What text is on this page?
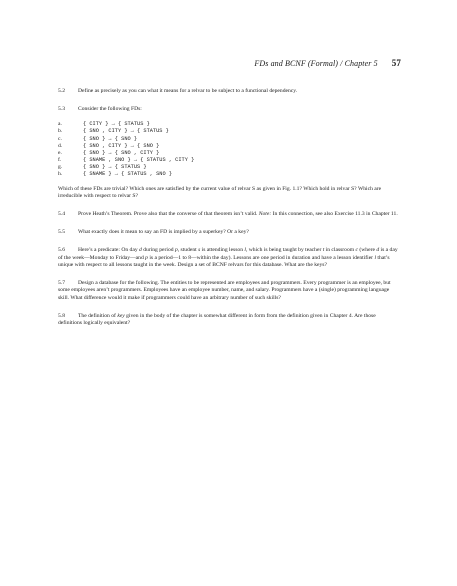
FDs and BCNF (Formal) / Chapter 5 57

5.2 Define as precisely as you can what it means for a relvar to be subject to a functional dependency.

5.3 Consider the following FDs:
a.	{ CITY } → { STATUS }
b.	{ SNO , CITY } → { STATUS }
c.	{ SNO } → { SNO }
d.	{ SNO , CITY } → { SNO }
e.	{ SNO } → { SNO , CITY }
f.	{ SNAME , SNO } → { STATUS , CITY }
g.	{ SNO } → { STATUS }
h.	{ SNAME } → { STATUS , SNO }
Which of these FDs are trivial? Which ones are satisfied by the current value of relvar S as given in Fig. 1.1? Which hold in relvar S? Which are irreducible with respect to relvar S?

5.4 Prove Heath’s Theorem. Prove also that the converse of that theorem isn’t valid. Note: In this connection, see also Exercise 11.3 in Chapter 11.

5.5 What exactly does it mean to say an FD is implied by a superkey? Or a key?

5.6 Here’s a predicate: On day d during period p, student s is attending lesson l, which is being taught by teacher t in classroom c (where d is a day of the week—Monday to Friday—and p is a period—1 to 8—within the day). Lessons are one period in duration and have a lesson identifier l that’s unique with respect to all lessons taught in the week. Design a set of BCNF relvars for this database. What are the keys?

5.7 Design a database for the following. The entities to be represented are employees and programmers. Every programmer is an employee, but some employees aren’t programmers. Employees have an employee number, name, and salary. Programmers have a (single) programming language skill. What difference would it make if programmers could have an arbitrary number of such skills?

5.8 The definition of key given in the body of the chapter is somewhat different in form from the definition given in Chapter 4. Are those definitions logically equivalent?
